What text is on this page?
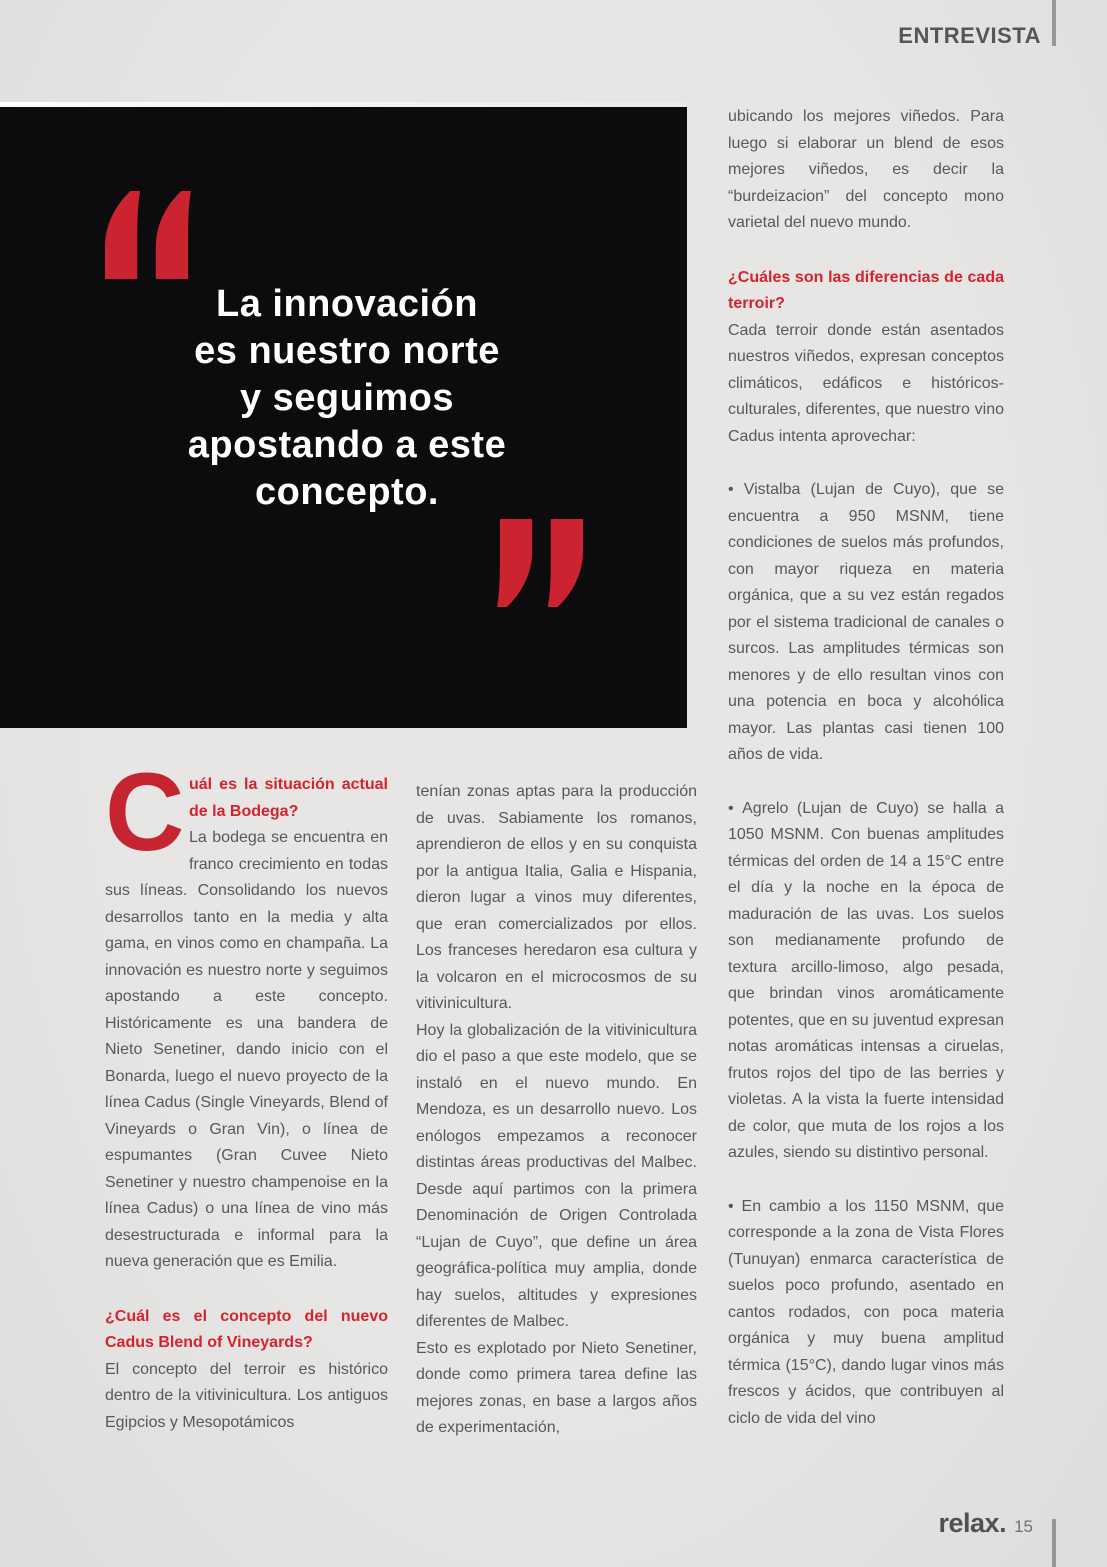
ENTREVISTA
La innovación
es nuestro norte
y seguimos
apostando a este
concepto.
C uál es la situación actual de la Bodega?

La bodega se encuentra en franco crecimiento en todas sus líneas. Consolidando los nuevos desarrollos tanto en la media y alta gama, en vinos como en champaña. La innovación es nuestro norte y seguimos apostando a este concepto. Históricamente es una bandera de Nieto Senetiner, dando inicio con el Bonarda, luego el nuevo proyecto de la línea Cadus (Single Vineyards, Blend of Vineyards o Gran Vin), o línea de espumantes (Gran Cuvee Nieto Senetiner y nuestro champenoise en la línea Cadus) o una línea de vino más desestructurada e informal para la nueva generación que es Emilia.

¿Cuál es el concepto del nuevo Cadus Blend of Vineyards?

El concepto del terroir es histórico dentro de la vitivinicultura. Los antiguos Egipcios y Mesopotámicos

tenían zonas aptas para la producción de uvas. Sabiamente los romanos, aprendieron de ellos y en su conquista por la antigua Italia, Galia e Hispania, dieron lugar a vinos muy diferentes, que eran comercializados por ellos. Los franceses heredaron esa cultura y la volcaron en el microcosmos de su vitivinicultura.

Hoy la globalización de la vitivinicultura dio el paso a que este modelo, que se instaló en el nuevo mundo. En Mendoza, es un desarrollo nuevo. Los enólogos empezamos a reconocer distintas áreas productivas del Malbec. Desde aquí partimos con la primera Denominación de Origen Controlada “Lujan de Cuyo”, que define un área geográfica-política muy amplia, donde hay suelos, altitudes y expresiones diferentes de Malbec.

Esto es explotado por Nieto Senetiner, donde como primera tarea define las mejores zonas, en base a largos años de experimentación,

ubicando los mejores viñedos. Para luego si elaborar un blend de esos mejores viñedos, es decir la “burdeizacion” del concepto mono varietal del nuevo mundo.

¿Cuáles son las diferencias de cada terroir?

Cada terroir donde están asentados nuestros viñedos, expresan conceptos climáticos, edáficos e históricos-culturales, diferentes, que nuestro vino Cadus intenta aprovechar:

• Vistalba (Lujan de Cuyo), que se encuentra a 950 MSNM, tiene condiciones de suelos más profundos, con mayor riqueza en materia orgánica, que a su vez están regados por el sistema tradicional de canales o surcos. Las amplitudes térmicas son menores y de ello resultan vinos con una potencia en boca y alcohólica mayor. Las plantas casi tienen 100 años de vida.

• Agrelo (Lujan de Cuyo) se halla a 1050 MSNM. Con buenas amplitudes térmicas del orden de 14 a 15°C entre el día y la noche en la época de maduración de las uvas. Los suelos son medianamente profundo de textura arcillo-limoso, algo pesada, que brindan vinos aromáticamente potentes, que en su juventud expresan notas aromáticas intensas a ciruelas, frutos rojos del tipo de las berries y violetas. A la vista la fuerte intensidad de color, que muta de los rojos a los azules, siendo su distintivo personal.

• En cambio a los 1150 MSNM, que corresponde a la zona de Vista Flores (Tunuyan) enmarca característica de suelos poco profundo, asentado en cantos rodados, con poca materia orgánica y muy buena amplitud térmica (15°C), dando lugar vinos más frescos y ácidos, que contribuyen al ciclo de vida del vino

relax. 15
